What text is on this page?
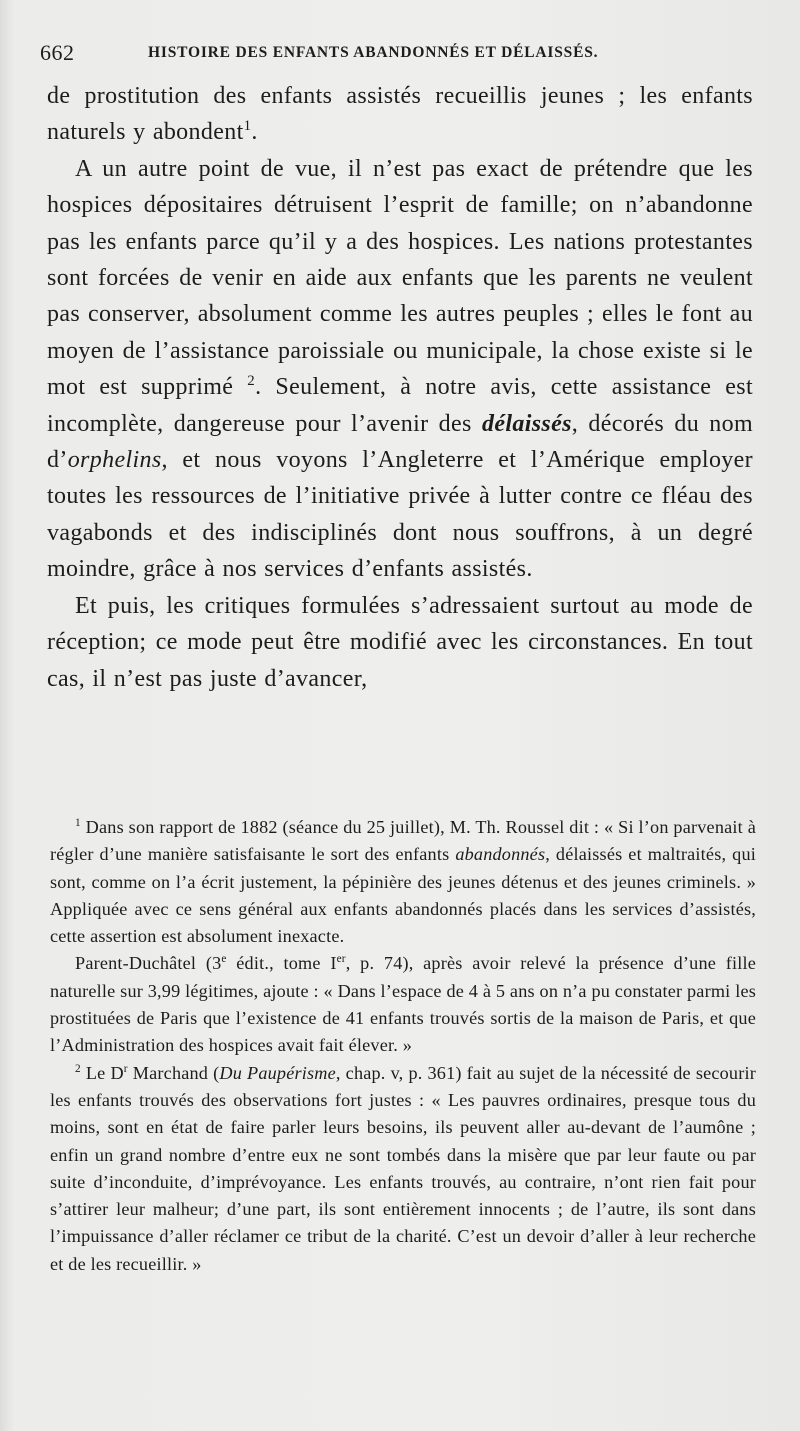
662	HISTOIRE DES ENFANTS ABANDONNÉS ET DÉLAISSÉS.

de prostitution des enfants assistés recueillis jeunes ; les enfants naturels y abondent$^1$.

A un autre point de vue, il n’est pas exact de prétendre que les hospices dépositaires détruisent l’esprit de famille; on n’abandonne pas les enfants parce qu’il y a des hospices. Les nations protestantes sont forcées de venir en aide aux enfants que les parents ne veulent pas conserver, absolument comme les autres peuples ; elles le font au moyen de l’assistance paroissiale ou municipale, la chose existe si le mot est supprimé $^2$. Seulement, à notre avis, cette assistance est incomplète, dangereuse pour l’avenir des délaissés, décorés du nom d’orphelins, et nous voyons l’Angleterre et l’Amérique employer toutes les ressources de l’initiative privée à lutter contre ce fléau des vagabonds et des indisciplinés dont nous souffrons, à un degré moindre, grâce à nos services d’enfants assistés.

Et puis, les critiques formulées s’adressaient surtout au mode de réception; ce mode peut être modifié avec les circonstances. En tout cas, il n’est pas juste d’avancer,

$^1$ Dans son rapport de 1882 (séance du 25 juillet), M. Th. Roussel dit : « Si l’on parvenait à régler d’une manière satisfaisante le sort des enfants abandonnés, délaissés et maltraités, qui sont, comme on l’a écrit justement, la pépinière des jeunes détenus et des jeunes criminels. » Appliquée avec ce sens général aux enfants abandonnés placés dans les services d’assistés, cette assertion est absolument inexacte.

Parent-Duchâtel (3e édit., tome Ier, p. 74), après avoir relevé la présence d’une fille naturelle sur 3,99 légitimes, ajoute : « Dans l’espace de 4 à 5 ans on n’a pu constater parmi les prostituées de Paris que l’existence de 41 enfants trouvés sortis de la maison de Paris, et que l’Administration des hospices avait fait élever. »

$^2$ Le $D^r$ Marchand (Du Paupérisme, chap. v, p. 361) fait au sujet de la nécessité de secourir les enfants trouvés des observations fort justes : « Les pauvres ordinaires, presque tous du moins, sont en état de faire parler leurs besoins, ils peuvent aller au-devant de l’aumône ; enfin un grand nombre d’entre eux ne sont tombés dans la misère que par leur faute ou par suite d’inconduite, d’imprévoyance. Les enfants trouvés, au contraire, n’ont rien fait pour s’attirer leur malheur; d’une part, ils sont entièrement innocents ; de l’autre, ils sont dans l’impuissance d’aller réclamer ce tribut de la charité. C’est un devoir d’aller à leur recherche et de les recueillir. »
